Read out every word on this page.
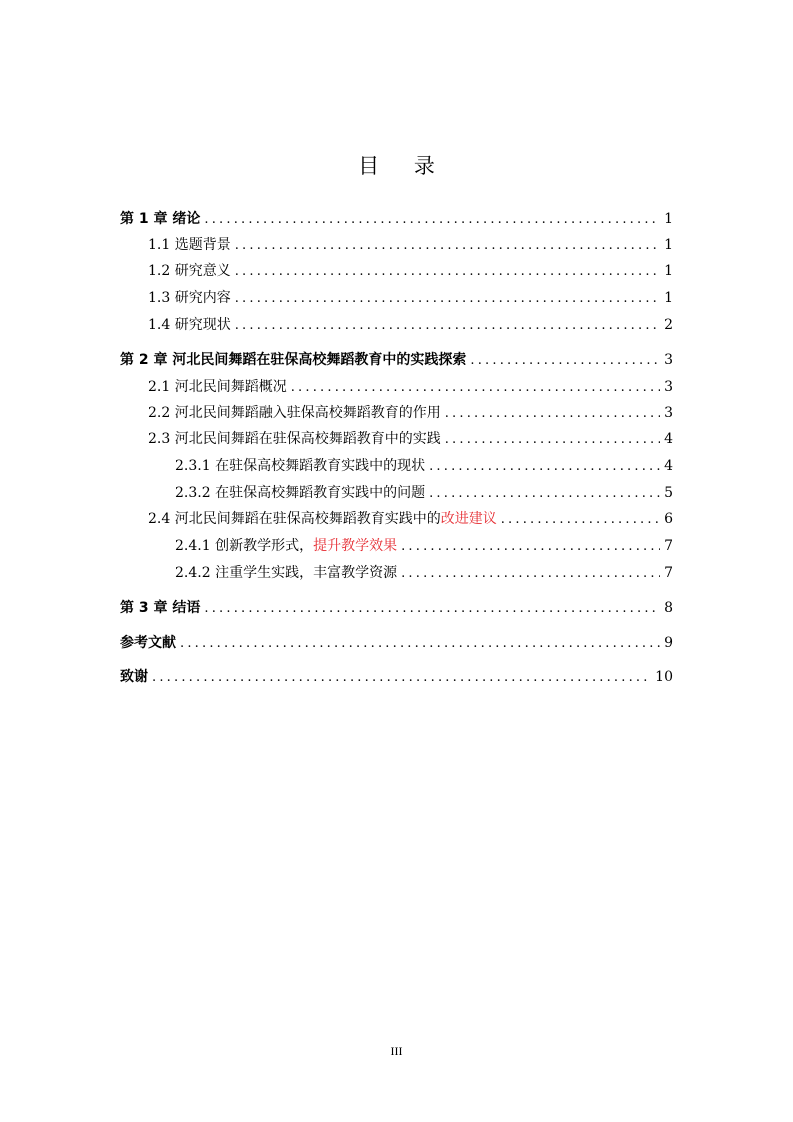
目 录
第 1 章 绪论 .....	1
1.1 选题背景 .....	1
1.2 研究意义 .....	1
1.3 研究内容 .....	1
1.4 研究现状 .....	2
第 2 章 河北民间舞蹈在驻保高校舞蹈教育中的实践探索 .....	3
2.1 河北民间舞蹈概况 .....	3
2.2 河北民间舞蹈融入驻保高校舞蹈教育的作用 .....	3
2.3 河北民间舞蹈在驻保高校舞蹈教育中的实践 .....	4
2.3.1 在驻保高校舞蹈教育实践中的现状 .....	4
2.3.2 在驻保高校舞蹈教育实践中的问题 .....	5
2.4 河北民间舞蹈在驻保高校舞蹈教育实践中的改进建议 .....	6
2.4.1 创新教学形式，提升教学效果 .....	7
2.4.2 注重学生实践，丰富教学资源 .....	7
第 3 章 结语 .....	8
参考文献 .....	9
致谢 .....	10
III
